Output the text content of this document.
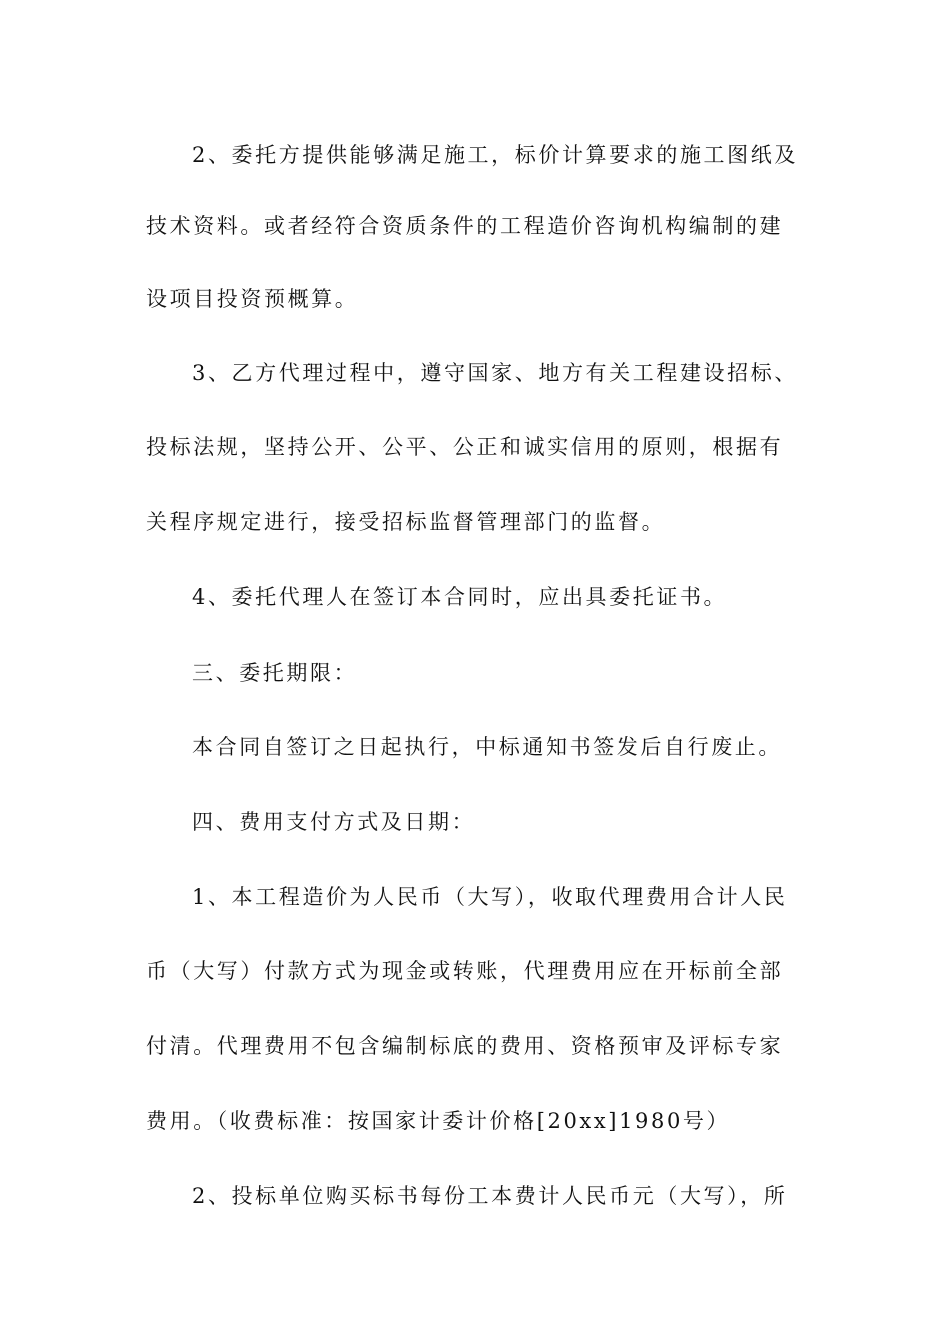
2、委托方提供能够满足施工，标价计算要求的施工图纸及
技术资料。或者经符合资质条件的工程造价咨询机构编制的建
设项目投资预概算。
3、乙方代理过程中，遵守国家、地方有关工程建设招标、
投标法规，坚持公开、公平、公正和诚实信用的原则，根据有
关程序规定进行，接受招标监督管理部门的监督。
4、委托代理人在签订本合同时，应出具委托证书。
三、委托期限：
本合同自签订之日起执行，中标通知书签发后自行废止。
四、费用支付方式及日期：
1、本工程造价为人民币（大写），收取代理费用合计人民
币（大写）付款方式为现金或转账，代理费用应在开标前全部
付清。代理费用不包含编制标底的费用、资格预审及评标专家
费用。（收费标准：按国家计委计价格[20xx]1980号）
2、投标单位购买标书每份工本费计人民币元（大写），所
